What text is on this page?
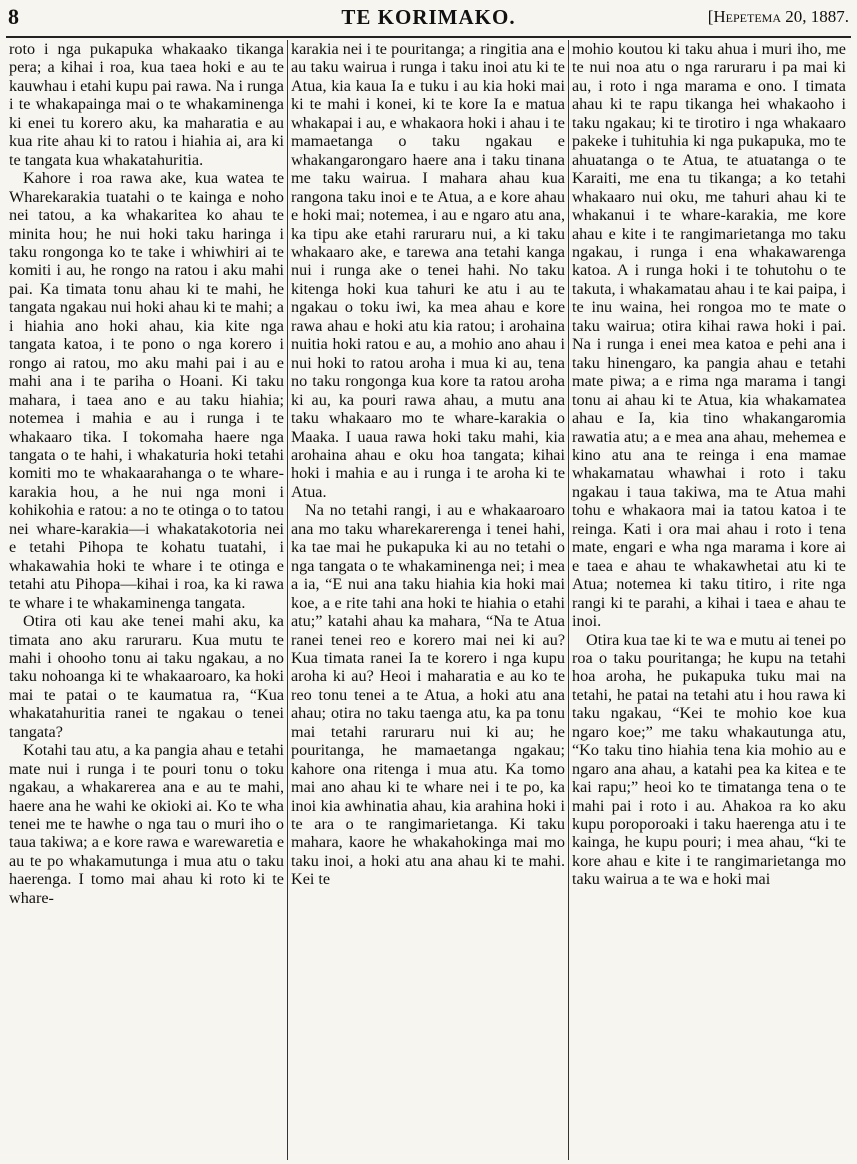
8	TE KORIMAKO.	[Hepetema 20, 1887.

roto i nga pukapuka whakaako tikanga pera; a kihai i roa, kua taea hoki e au te kauwhau i etahi kupu pai rawa. Na i runga i te whakapainga mai o te whakaminenga ki enei tu korero aku, ka maharatia e au kua rite ahau ki to ratou i hiahia ai, ara ki te tangata kua whakatahuritia.

Kahore i roa rawa ake, kua watea te Wharekarakia tuatahi o te kainga e noho nei tatou, a ka whakaritea ko ahau te minita hou; he nui hoki taku haringa i taku rongonga ko te take i whiwhiri ai te komiti i au, he rongo na ratou i aku mahi pai. Ka timata tonu ahau ki te mahi, he tangata ngakau nui hoki ahau ki te mahi; a i hiahia ano hoki ahau, kia kite nga tangata katoa, i te pono o nga korero i rongo ai ratou, mo aku mahi pai i au e mahi ana i te pariha o Hoani. Ki taku mahara, i taea ano e au taku hiahia; notemea i mahia e au i runga i te whakaaro tika. I tokomaha haere nga tangata o te hahi, i whakaturia hoki tetahi komiti mo te whakaarahanga o te whare-karakia hou, a he nui nga moni i kohikohia e ratou: a no te otinga o to tatou nei whare-karakia—i whakatakotoria nei e tetahi Pihopa te kohatu tuatahi, i whakawahia hoki te whare i te otinga e tetahi atu Pihopa—kihai i roa, ka ki rawa te whare i te whakaminenga tangata.

Otira oti kau ake tenei mahi aku, ka timata ano aku raruraru. Kua mutu te mahi i ohooho tonu ai taku ngakau, a no taku nohoanga ki te whakaaroaro, ka hoki mai te patai o te kaumatua ra, “Kua whakatahuritia ranei te ngakau o tenei tangata?

Kotahi tau atu, a ka pangia ahau e tetahi mate nui i runga i te pouri tonu o toku ngakau, a whakarerea ana e au te mahi, haere ana he wahi ke okioki ai. Ko te wha tenei me te hawhe o nga tau o muri iho o taua takiwa; a e kore rawa e warewaretia e au te po whakamutunga i mua atu o taku haerenga. I tomo mai ahau ki roto ki te whare-

karakia nei i te pouritanga; a ringitia ana e au taku wairua i runga i taku inoi atu ki te Atua, kia kaua Ia e tuku i au kia hoki mai ki te mahi i konei, ki te kore Ia e matua whakapai i au, e whakaora hoki i ahau i te mamaetanga o taku ngakau e whakangarongaro haere ana i taku tinana me taku wairua. I mahara ahau kua rangona taku inoi e te Atua, a e kore ahau e hoki mai; notemea, i au e ngaro atu ana, ka tipu ake etahi raruraru nui, a ki taku whakaaro ake, e tarewa ana tetahi kanga nui i runga ake o tenei hahi. No taku kitenga hoki kua tahuri ke atu i au te ngakau o toku iwi, ka mea ahau e kore rawa ahau e hoki atu kia ratou; i arohaina nuitia hoki ratou e au, a mohio ano ahau i nui hoki to ratou aroha i mua ki au, tena no taku rongonga kua kore ta ratou aroha ki au, ka pouri rawa ahau, a mutu ana taku whakaaro mo te whare-karakia o Maaka. I uaua rawa hoki taku mahi, kia arohaina ahau e oku hoa tangata; kihai hoki i mahia e au i runga i te aroha ki te Atua.

Na no tetahi rangi, i au e whakaaroaro ana mo taku wharekarerenga i tenei hahi, ka tae mai he pukapuka ki au no tetahi o nga tangata o te whakaminenga nei; i mea a ia, “E nui ana taku hiahia kia hoki mai koe, a e rite tahi ana hoki te hiahia o etahi atu;” katahi ahau ka mahara, “Na te Atua ranei tenei reo e korero mai nei ki au? Kua timata ranei Ia te korero i nga kupu aroha ki au? Heoi i maharatia e au ko te reo tonu tenei a te Atua, a hoki atu ana ahau; otira no taku taenga atu, ka pa tonu mai tetahi raruraru nui ki au; he pouritanga, he mamaetanga ngakau; kahore ona ritenga i mua atu. Ka tomo mai ano ahau ki te whare nei i te po, ka inoi kia awhinatia ahau, kia arahina hoki i te ara o te rangimarietanga. Ki taku mahara, kaore he whakahokinga mai mo taku inoi, a hoki atu ana ahau ki te mahi. Kei te

mohio koutou ki taku ahua i muri iho, me te nui noa atu o nga raruraru i pa mai ki au, i roto i nga marama e ono. I timata ahau ki te rapu tikanga hei whakaoho i taku ngakau; ki te tirotiro i nga whakaaro pakeke i tuhituhia ki nga pukapuka, mo te ahuatanga o te Atua, te atuatanga o te Karaiti, me ena tu tikanga; a ko tetahi whakaaro nui oku, me tahuri ahau ki te whakanui i te whare-karakia, me kore ahau e kite i te rangimarietanga mo taku ngakau, i runga i ena whakawarenga katoa. A i runga hoki i te tohutohu o te takuta, i whakamatau ahau i te kai paipa, i te inu waina, hei rongoa mo te mate o taku wairua; otira kihai rawa hoki i pai. Na i runga i enei mea katoa e pehi ana i taku hinengaro, ka pangia ahau e tetahi mate piwa; a e rima nga marama i tangi tonu ai ahau ki te Atua, kia whakamatea ahau e Ia, kia tino whakangaromia rawatia atu; a e mea ana ahau, mehemea e kino atu ana te reinga i ena mamae whakamatau whawhai i roto i taku ngakau i taua takiwa, ma te Atua mahi tohu e whakaora mai ia tatou katoa i te reinga. Kati i ora mai ahau i roto i tena mate, engari e wha nga marama i kore ai e taea e ahau te whakawhetai atu ki te Atua; notemea ki taku titiro, i rite nga rangi ki te parahi, a kihai i taea e ahau te inoi.

Otira kua tae ki te wa e mutu ai tenei po roa o taku pouritanga; he kupu na tetahi hoa aroha, he pukapuka tuku mai na tetahi, he patai na tetahi atu i hou rawa ki taku ngakau, “Kei te mohio koe kua ngaro koe;” me taku whakautunga atu, “Ko taku tino hiahia tena kia mohio au e ngaro ana ahau, a katahi pea ka kitea e te kai rapu;” heoi ko te timatanga tena o te mahi pai i roto i au. Ahakoa ra ko aku kupu poroporoaki i taku haerenga atu i te kainga, he kupu pouri; i mea ahau, “ki te kore ahau e kite i te rangimarietanga mo taku wairua a te wa e hoki mai
